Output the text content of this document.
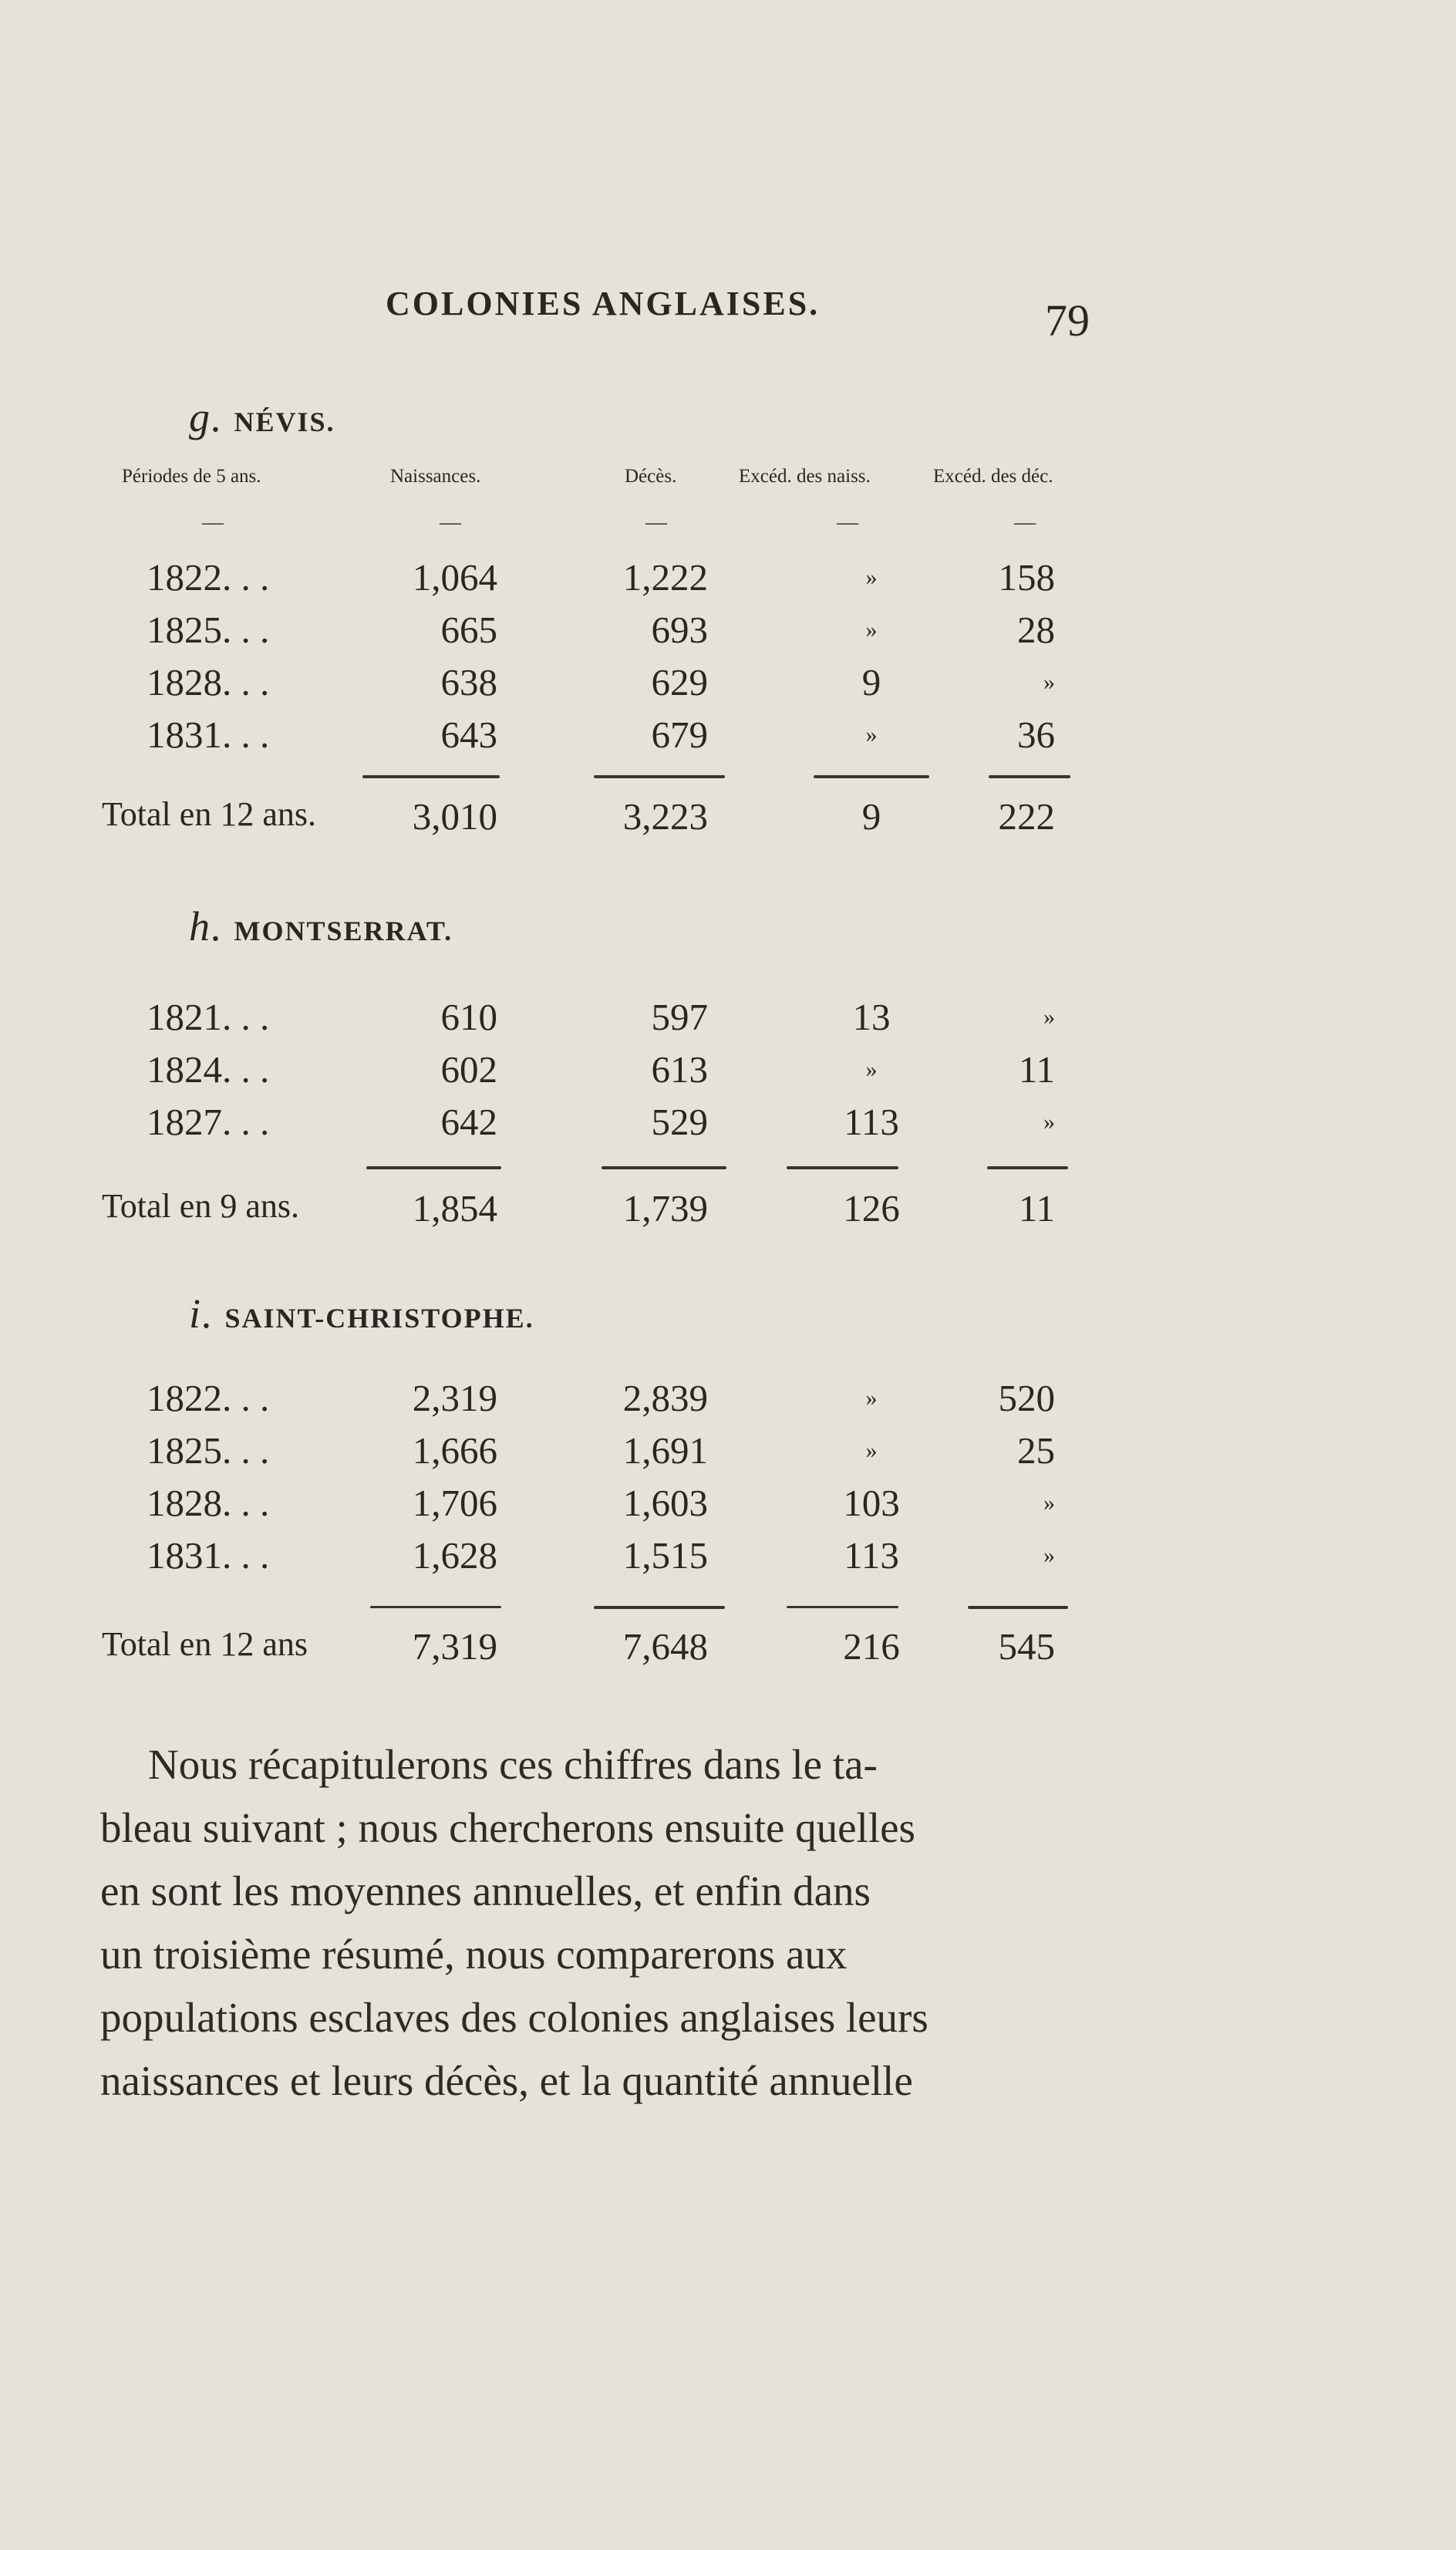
COLONIES ANGLAISES.	79
g. NÉVIS.
Périodes de 5 ans.	Naissances.	Décès.	Excéd. des naiss.	Excéd. des déc.
—	—	—	—	—
1822. . .	1,064	1,222	»	158
1825. . .	665	693	»	28
1828. . .	638	629	9	»
1831. . .	643	679	»	36
Total en 12 ans.	3,010	3,223	9	222
h. MONTSERRAT.
1821. . .	610	597	13	»
1824. . .	602	613	»	11
1827. . .	642	529	113	»
Total en 9 ans.	1,854	1,739	126	11
i. SAINT-CHRISTOPHE.
1822. . .	2,319	2,839	»	520
1825. . .	1,666	1,691	»	25
1828. . .	1,706	1,603	103	»
1831. . .	1,628	1,515	113	»
Total en 12 ans	7,319	7,648	216	545
Nous récapitulerons ces chiffres dans le ta-
bleau suivant ; nous chercherons ensuite quelles
en sont les moyennes annuelles, et enfin dans
un troisième résumé, nous comparerons aux
populations esclaves des colonies anglaises leurs
naissances et leurs décès, et la quantité annuelle
